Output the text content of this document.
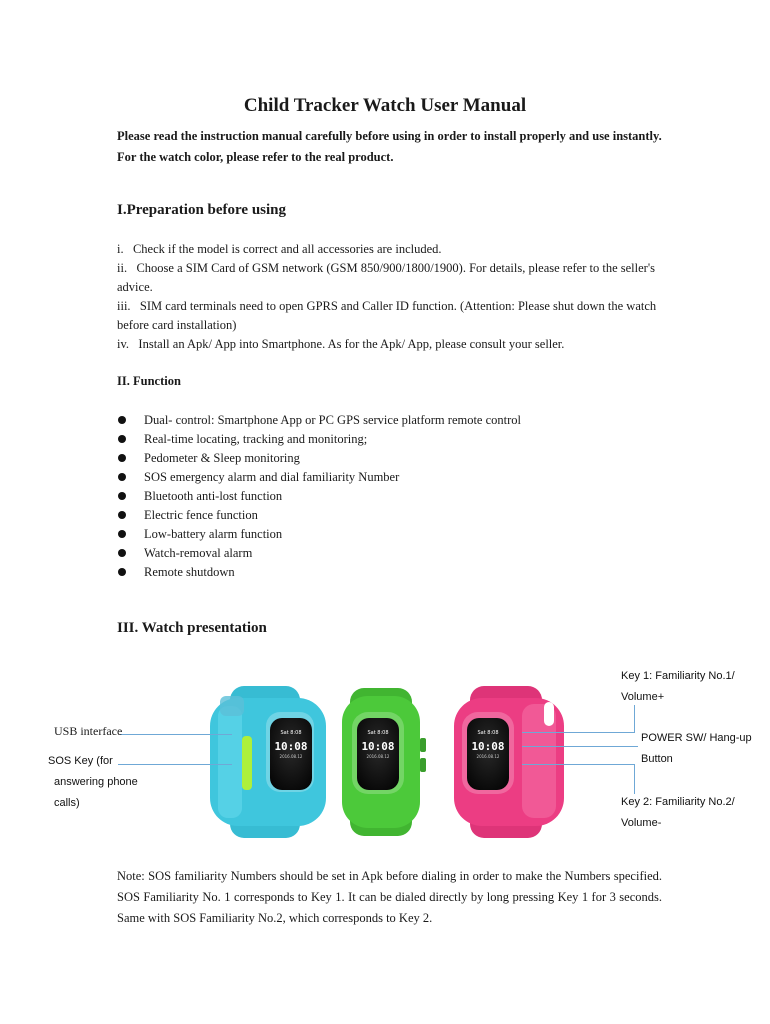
Child Tracker Watch User Manual
Please read the instruction manual carefully before using in order to install properly and use instantly. For the watch color, please refer to the real product.
I.Preparation before using

i.   Check if the model is correct and all accessories are included.

ii.   Choose a SIM Card of GSM network (GSM 850/900/1800/1900). For details, please refer to the seller's advice.

iii.   SIM card terminals need to open GPRS and Caller ID function. (Attention: Please shut down the watch before card installation)

iv.   Install an Apk/ App into Smartphone. As for the Apk/ App, please consult your seller.

II. Function
Dual- control: Smartphone App or PC GPS service platform remote control
Real-time locating, tracking and monitoring;
Pedometer & Sleep monitoring
SOS emergency alarm and dial familiarity Number
Bluetooth anti-lost function
Electric fence function
Low-battery alarm function
Watch-removal alarm
Remote shutdown
III. Watch presentation
Sat 8:08
10:08
2016.08.12
Sat 8:08
10:08
2016.08.12
Sat 8:08
10:08
2016.08.12
USB interface
SOS Key (for
answering phone
calls)
Key 1: Familiarity No.1/
Volume+
POWER SW/ Hang-up
Button
Key 2: Familiarity No.2/
Volume-
Note: SOS familiarity Numbers should be set in Apk before dialing in order to make the Numbers specified. SOS Familiarity No. 1 corresponds to Key 1. It can be dialed directly by long pressing Key 1 for 3 seconds. Same with SOS Familiarity No.2, which corresponds to Key 2.
